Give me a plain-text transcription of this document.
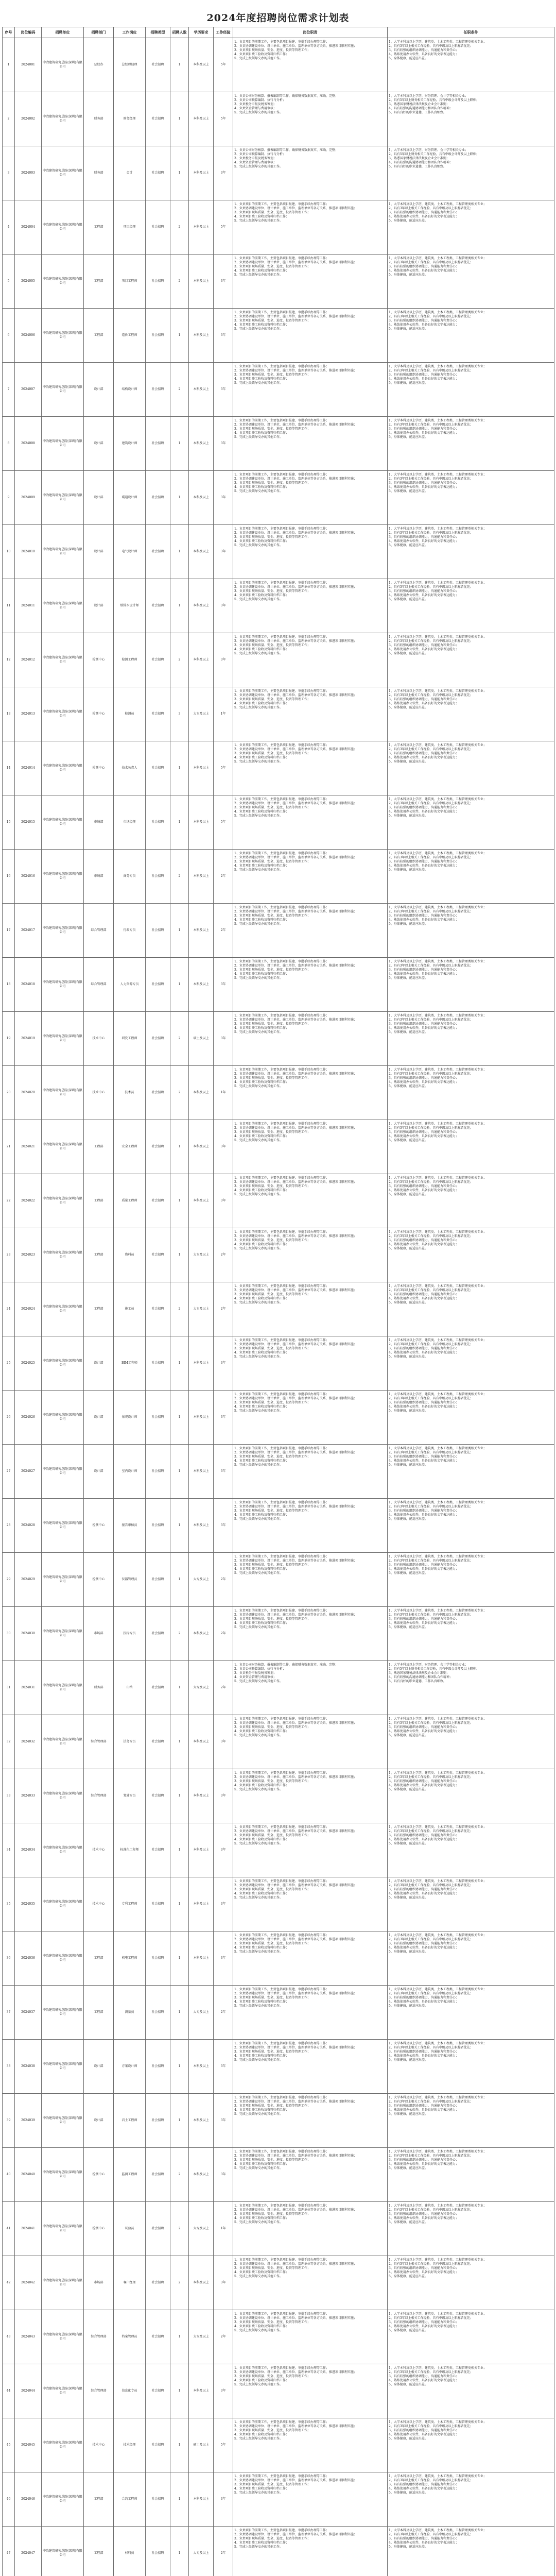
2024年度招聘岗位需求计划表
序号	岗位编码	招聘单位	招聘部门	工作岗位	招聘类型	招聘人数	学历要求	工作经验	岗位职责	任职条件
1	2024001	中冶建筑研究总院(深圳)有限公司	总经办	总经理助理	社会招聘	1	本科及以上	5年	1、负责项目的前期工作，主要包括项目报建、审批手续办理等工作；
2、负责协调建设单位、设计单位、施工单位、监理单位等各方关系，推进项目顺利实施；
3、负责项目现场质量、安全、进度、投资等管理工作；
4、负责项目竣工验收及资料归档工作；
5、完成上级领导交办的其他工作。	1、大学本科及以上学历，建筑类、土木工程类、工程管理类相关专业；
2、具有3年以上相关工作经验，具有中级及以上职称者优先；
3、具有较强的组织协调能力、沟通能力和责任心；
4、熟练使用办公软件，具备良好的文字表达能力；
5、身体健康，能适应出差。
2	2024002	中冶建筑研究总院(深圳)有限公司	财务部	财务经理	社会招聘	1	本科及以上	5年	1、负责公司财务核算、报表编制等工作，确保财务数据真实、准确、完整；
2、负责公司预算编制、执行与分析；
3、负责税务申报及税务筹划；
4、负责资金管理与费用审核；
5、完成上级领导交办的其他工作。	1、大学本科及以上学历，财务管理、会计学等相关专业；
2、具有5年以上财务相关工作经验，具有中级会计师及以上职称；
3、熟悉国家财税法律法规及企业会计准则；
4、具有较强的沟通协调能力和团队合作精神；
5、具有良好的职业道德，工作认真细致。
3	2024003	中冶建筑研究总院(深圳)有限公司	财务部	会计	社会招聘	1	本科及以上	3年	1、负责公司财务核算、报表编制等工作，确保财务数据真实、准确、完整；
2、负责公司预算编制、执行与分析；
3、负责税务申报及税务筹划；
4、负责资金管理与费用审核；
5、完成上级领导交办的其他工作。	1、大学本科及以上学历，财务管理、会计学等相关专业；
2、具有5年以上财务相关工作经验，具有中级会计师及以上职称；
3、熟悉国家财税法律法规及企业会计准则；
4、具有较强的沟通协调能力和团队合作精神；
5、具有良好的职业道德，工作认真细致。
4	2024004	中冶建筑研究总院(深圳)有限公司	工程部	项目经理	社会招聘	2	本科及以上	5年	1、负责项目的前期工作，主要包括项目报建、审批手续办理等工作；
2、负责协调建设单位、设计单位、施工单位、监理单位等各方关系，推进项目顺利实施；
3、负责项目现场质量、安全、进度、投资等管理工作；
4、负责项目竣工验收及资料归档工作；
5、完成上级领导交办的其他工作。	1、大学本科及以上学历，建筑类、土木工程类、工程管理类相关专业；
2、具有3年以上相关工作经验，具有中级及以上职称者优先；
3、具有较强的组织协调能力、沟通能力和责任心；
4、熟练使用办公软件，具备良好的文字表达能力；
5、身体健康，能适应出差。
5	2024005	中冶建筑研究总院(深圳)有限公司	工程部	项目工程师	社会招聘	2	本科及以上	3年	1、负责项目的前期工作，主要包括项目报建、审批手续办理等工作；
2、负责协调建设单位、设计单位、施工单位、监理单位等各方关系，推进项目顺利实施；
3、负责项目现场质量、安全、进度、投资等管理工作；
4、负责项目竣工验收及资料归档工作；
5、完成上级领导交办的其他工作。	1、大学本科及以上学历，建筑类、土木工程类、工程管理类相关专业；
2、具有3年以上相关工作经验，具有中级及以上职称者优先；
3、具有较强的组织协调能力、沟通能力和责任心；
4、熟练使用办公软件，具备良好的文字表达能力；
5、身体健康，能适应出差。
6	2024006	中冶建筑研究总院(深圳)有限公司	工程部	造价工程师	社会招聘	1	本科及以上	3年	1、负责项目的前期工作，主要包括项目报建、审批手续办理等工作；
2、负责协调建设单位、设计单位、施工单位、监理单位等各方关系，推进项目顺利实施；
3、负责项目现场质量、安全、进度、投资等管理工作；
4、负责项目竣工验收及资料归档工作；
5、完成上级领导交办的其他工作。	1、大学本科及以上学历，建筑类、土木工程类、工程管理类相关专业；
2、具有3年以上相关工作经验，具有中级及以上职称者优先；
3、具有较强的组织协调能力、沟通能力和责任心；
4、熟练使用办公软件，具备良好的文字表达能力；
5、身体健康，能适应出差。
7	2024007	中冶建筑研究总院(深圳)有限公司	设计部	结构设计师	社会招聘	2	本科及以上	3年	1、负责项目的前期工作，主要包括项目报建、审批手续办理等工作；
2、负责协调建设单位、设计单位、施工单位、监理单位等各方关系，推进项目顺利实施；
3、负责项目现场质量、安全、进度、投资等管理工作；
4、负责项目竣工验收及资料归档工作；
5、完成上级领导交办的其他工作。	1、大学本科及以上学历，建筑类、土木工程类、工程管理类相关专业；
2、具有3年以上相关工作经验，具有中级及以上职称者优先；
3、具有较强的组织协调能力、沟通能力和责任心；
4、熟练使用办公软件，具备良好的文字表达能力；
5、身体健康，能适应出差。
8	2024008	中冶建筑研究总院(深圳)有限公司	设计部	建筑设计师	社会招聘	1	本科及以上	3年	1、负责项目的前期工作，主要包括项目报建、审批手续办理等工作；
2、负责协调建设单位、设计单位、施工单位、监理单位等各方关系，推进项目顺利实施；
3、负责项目现场质量、安全、进度、投资等管理工作；
4、负责项目竣工验收及资料归档工作；
5、完成上级领导交办的其他工作。	1、大学本科及以上学历，建筑类、土木工程类、工程管理类相关专业；
2、具有3年以上相关工作经验，具有中级及以上职称者优先；
3、具有较强的组织协调能力、沟通能力和责任心；
4、熟练使用办公软件，具备良好的文字表达能力；
5、身体健康，能适应出差。
9	2024009	中冶建筑研究总院(深圳)有限公司	设计部	暖通设计师	社会招聘	1	本科及以上	3年	1、负责项目的前期工作，主要包括项目报建、审批手续办理等工作；
2、负责协调建设单位、设计单位、施工单位、监理单位等各方关系，推进项目顺利实施；
3、负责项目现场质量、安全、进度、投资等管理工作；
4、负责项目竣工验收及资料归档工作；
5、完成上级领导交办的其他工作。	1、大学本科及以上学历，建筑类、土木工程类、工程管理类相关专业；
2、具有3年以上相关工作经验，具有中级及以上职称者优先；
3、具有较强的组织协调能力、沟通能力和责任心；
4、熟练使用办公软件，具备良好的文字表达能力；
5、身体健康，能适应出差。
10	2024010	中冶建筑研究总院(深圳)有限公司	设计部	电气设计师	社会招聘	1	本科及以上	3年	1、负责项目的前期工作，主要包括项目报建、审批手续办理等工作；
2、负责协调建设单位、设计单位、施工单位、监理单位等各方关系，推进项目顺利实施；
3、负责项目现场质量、安全、进度、投资等管理工作；
4、负责项目竣工验收及资料归档工作；
5、完成上级领导交办的其他工作。	1、大学本科及以上学历，建筑类、土木工程类、工程管理类相关专业；
2、具有3年以上相关工作经验，具有中级及以上职称者优先；
3、具有较强的组织协调能力、沟通能力和责任心；
4、熟练使用办公软件，具备良好的文字表达能力；
5、身体健康，能适应出差。
11	2024011	中冶建筑研究总院(深圳)有限公司	设计部	给排水设计师	社会招聘	1	本科及以上	3年	1、负责项目的前期工作，主要包括项目报建、审批手续办理等工作；
2、负责协调建设单位、设计单位、施工单位、监理单位等各方关系，推进项目顺利实施；
3、负责项目现场质量、安全、进度、投资等管理工作；
4、负责项目竣工验收及资料归档工作；
5、完成上级领导交办的其他工作。	1、大学本科及以上学历，建筑类、土木工程类、工程管理类相关专业；
2、具有3年以上相关工作经验，具有中级及以上职称者优先；
3、具有较强的组织协调能力、沟通能力和责任心；
4、熟练使用办公软件，具备良好的文字表达能力；
5、身体健康，能适应出差。
12	2024012	中冶建筑研究总院(深圳)有限公司	检测中心	检测工程师	社会招聘	2	本科及以上	3年	1、负责项目的前期工作，主要包括项目报建、审批手续办理等工作；
2、负责协调建设单位、设计单位、施工单位、监理单位等各方关系，推进项目顺利实施；
3、负责项目现场质量、安全、进度、投资等管理工作；
4、负责项目竣工验收及资料归档工作；
5、完成上级领导交办的其他工作。	1、大学本科及以上学历，建筑类、土木工程类、工程管理类相关专业；
2、具有3年以上相关工作经验，具有中级及以上职称者优先；
3、具有较强的组织协调能力、沟通能力和责任心；
4、熟练使用办公软件，具备良好的文字表达能力；
5、身体健康，能适应出差。
13	2024013	中冶建筑研究总院(深圳)有限公司	检测中心	检测员	社会招聘	3	大专及以上	1年	1、负责项目的前期工作，主要包括项目报建、审批手续办理等工作；
2、负责协调建设单位、设计单位、施工单位、监理单位等各方关系，推进项目顺利实施；
3、负责项目现场质量、安全、进度、投资等管理工作；
4、负责项目竣工验收及资料归档工作；
5、完成上级领导交办的其他工作。	1、大学本科及以上学历，建筑类、土木工程类、工程管理类相关专业；
2、具有3年以上相关工作经验，具有中级及以上职称者优先；
3、具有较强的组织协调能力、沟通能力和责任心；
4、熟练使用办公软件，具备良好的文字表达能力；
5、身体健康，能适应出差。
14	2024014	中冶建筑研究总院(深圳)有限公司	检测中心	技术负责人	社会招聘	1	本科及以上	5年	1、负责项目的前期工作，主要包括项目报建、审批手续办理等工作；
2、负责协调建设单位、设计单位、施工单位、监理单位等各方关系，推进项目顺利实施；
3、负责项目现场质量、安全、进度、投资等管理工作；
4、负责项目竣工验收及资料归档工作；
5、完成上级领导交办的其他工作。	1、大学本科及以上学历，建筑类、土木工程类、工程管理类相关专业；
2、具有3年以上相关工作经验，具有中级及以上职称者优先；
3、具有较强的组织协调能力、沟通能力和责任心；
4、熟练使用办公软件，具备良好的文字表达能力；
5、身体健康，能适应出差。
15	2024015	中冶建筑研究总院(深圳)有限公司	市场部	市场经理	社会招聘	1	本科及以上	5年	1、负责项目的前期工作，主要包括项目报建、审批手续办理等工作；
2、负责协调建设单位、设计单位、施工单位、监理单位等各方关系，推进项目顺利实施；
3、负责项目现场质量、安全、进度、投资等管理工作；
4、负责项目竣工验收及资料归档工作；
5、完成上级领导交办的其他工作。	1、大学本科及以上学历，建筑类、土木工程类、工程管理类相关专业；
2、具有3年以上相关工作经验，具有中级及以上职称者优先；
3、具有较强的组织协调能力、沟通能力和责任心；
4、熟练使用办公软件，具备良好的文字表达能力；
5、身体健康，能适应出差。
16	2024016	中冶建筑研究总院(深圳)有限公司	市场部	商务专员	社会招聘	2	本科及以上	2年	1、负责项目的前期工作，主要包括项目报建、审批手续办理等工作；
2、负责协调建设单位、设计单位、施工单位、监理单位等各方关系，推进项目顺利实施；
3、负责项目现场质量、安全、进度、投资等管理工作；
4、负责项目竣工验收及资料归档工作；
5、完成上级领导交办的其他工作。	1、大学本科及以上学历，建筑类、土木工程类、工程管理类相关专业；
2、具有3年以上相关工作经验，具有中级及以上职称者优先；
3、具有较强的组织协调能力、沟通能力和责任心；
4、熟练使用办公软件，具备良好的文字表达能力；
5、身体健康，能适应出差。
17	2024017	中冶建筑研究总院(深圳)有限公司	综合管理部	行政专员	社会招聘	1	本科及以上	2年	1、负责项目的前期工作，主要包括项目报建、审批手续办理等工作；
2、负责协调建设单位、设计单位、施工单位、监理单位等各方关系，推进项目顺利实施；
3、负责项目现场质量、安全、进度、投资等管理工作；
4、负责项目竣工验收及资料归档工作；
5、完成上级领导交办的其他工作。	1、大学本科及以上学历，建筑类、土木工程类、工程管理类相关专业；
2、具有3年以上相关工作经验，具有中级及以上职称者优先；
3、具有较强的组织协调能力、沟通能力和责任心；
4、熟练使用办公软件，具备良好的文字表达能力；
5、身体健康，能适应出差。
18	2024018	中冶建筑研究总院(深圳)有限公司	综合管理部	人力资源专员	社会招聘	1	本科及以上	3年	1、负责项目的前期工作，主要包括项目报建、审批手续办理等工作；
2、负责协调建设单位、设计单位、施工单位、监理单位等各方关系，推进项目顺利实施；
3、负责项目现场质量、安全、进度、投资等管理工作；
4、负责项目竣工验收及资料归档工作；
5、完成上级领导交办的其他工作。	1、大学本科及以上学历，建筑类、土木工程类、工程管理类相关专业；
2、具有3年以上相关工作经验，具有中级及以上职称者优先；
3、具有较强的组织协调能力、沟通能力和责任心；
4、熟练使用办公软件，具备良好的文字表达能力；
5、身体健康，能适应出差。
19	2024019	中冶建筑研究总院(深圳)有限公司	技术中心	研发工程师	社会招聘	2	硕士及以上	3年	1、负责项目的前期工作，主要包括项目报建、审批手续办理等工作；
2、负责协调建设单位、设计单位、施工单位、监理单位等各方关系，推进项目顺利实施；
3、负责项目现场质量、安全、进度、投资等管理工作；
4、负责项目竣工验收及资料归档工作；
5、完成上级领导交办的其他工作。	1、大学本科及以上学历，建筑类、土木工程类、工程管理类相关专业；
2、具有3年以上相关工作经验，具有中级及以上职称者优先；
3、具有较强的组织协调能力、沟通能力和责任心；
4、熟练使用办公软件，具备良好的文字表达能力；
5、身体健康，能适应出差。
20	2024020	中冶建筑研究总院(深圳)有限公司	技术中心	技术员	社会招聘	2	本科及以上	1年	1、负责项目的前期工作，主要包括项目报建、审批手续办理等工作；
2、负责协调建设单位、设计单位、施工单位、监理单位等各方关系，推进项目顺利实施；
3、负责项目现场质量、安全、进度、投资等管理工作；
4、负责项目竣工验收及资料归档工作；
5、完成上级领导交办的其他工作。	1、大学本科及以上学历，建筑类、土木工程类、工程管理类相关专业；
2、具有3年以上相关工作经验，具有中级及以上职称者优先；
3、具有较强的组织协调能力、沟通能力和责任心；
4、熟练使用办公软件，具备良好的文字表达能力；
5、身体健康，能适应出差。
21	2024021	中冶建筑研究总院(深圳)有限公司	工程部	安全工程师	社会招聘	1	本科及以上	3年	1、负责项目的前期工作，主要包括项目报建、审批手续办理等工作；
2、负责协调建设单位、设计单位、施工单位、监理单位等各方关系，推进项目顺利实施；
3、负责项目现场质量、安全、进度、投资等管理工作；
4、负责项目竣工验收及资料归档工作；
5、完成上级领导交办的其他工作。	1、大学本科及以上学历，建筑类、土木工程类、工程管理类相关专业；
2、具有3年以上相关工作经验，具有中级及以上职称者优先；
3、具有较强的组织协调能力、沟通能力和责任心；
4、熟练使用办公软件，具备良好的文字表达能力；
5、身体健康，能适应出差。
22	2024022	中冶建筑研究总院(深圳)有限公司	工程部	质量工程师	社会招聘	1	本科及以上	3年	1、负责项目的前期工作，主要包括项目报建、审批手续办理等工作；
2、负责协调建设单位、设计单位、施工单位、监理单位等各方关系，推进项目顺利实施；
3、负责项目现场质量、安全、进度、投资等管理工作；
4、负责项目竣工验收及资料归档工作；
5、完成上级领导交办的其他工作。	1、大学本科及以上学历，建筑类、土木工程类、工程管理类相关专业；
2、具有3年以上相关工作经验，具有中级及以上职称者优先；
3、具有较强的组织协调能力、沟通能力和责任心；
4、熟练使用办公软件，具备良好的文字表达能力；
5、身体健康，能适应出差。
23	2024023	中冶建筑研究总院(深圳)有限公司	工程部	资料员	社会招聘	1	大专及以上	2年	1、负责项目的前期工作，主要包括项目报建、审批手续办理等工作；
2、负责协调建设单位、设计单位、施工单位、监理单位等各方关系，推进项目顺利实施；
3、负责项目现场质量、安全、进度、投资等管理工作；
4、负责项目竣工验收及资料归档工作；
5、完成上级领导交办的其他工作。	1、大学本科及以上学历，建筑类、土木工程类、工程管理类相关专业；
2、具有3年以上相关工作经验，具有中级及以上职称者优先；
3、具有较强的组织协调能力、沟通能力和责任心；
4、熟练使用办公软件，具备良好的文字表达能力；
5、身体健康，能适应出差。
24	2024024	中冶建筑研究总院(深圳)有限公司	工程部	施工员	社会招聘	2	大专及以上	2年	1、负责项目的前期工作，主要包括项目报建、审批手续办理等工作；
2、负责协调建设单位、设计单位、施工单位、监理单位等各方关系，推进项目顺利实施；
3、负责项目现场质量、安全、进度、投资等管理工作；
4、负责项目竣工验收及资料归档工作；
5、完成上级领导交办的其他工作。	1、大学本科及以上学历，建筑类、土木工程类、工程管理类相关专业；
2、具有3年以上相关工作经验，具有中级及以上职称者优先；
3、具有较强的组织协调能力、沟通能力和责任心；
4、熟练使用办公软件，具备良好的文字表达能力；
5、身体健康，能适应出差。
25	2024025	中冶建筑研究总院(深圳)有限公司	设计部	BIM工程师	社会招聘	1	本科及以上	3年	1、负责项目的前期工作，主要包括项目报建、审批手续办理等工作；
2、负责协调建设单位、设计单位、施工单位、监理单位等各方关系，推进项目顺利实施；
3、负责项目现场质量、安全、进度、投资等管理工作；
4、负责项目竣工验收及资料归档工作；
5、完成上级领导交办的其他工作。	1、大学本科及以上学历，建筑类、土木工程类、工程管理类相关专业；
2、具有3年以上相关工作经验，具有中级及以上职称者优先；
3、具有较强的组织协调能力、沟通能力和责任心；
4、熟练使用办公软件，具备良好的文字表达能力；
5、身体健康，能适应出差。
26	2024026	中冶建筑研究总院(深圳)有限公司	设计部	景观设计师	社会招聘	1	本科及以上	3年	1、负责项目的前期工作，主要包括项目报建、审批手续办理等工作；
2、负责协调建设单位、设计单位、施工单位、监理单位等各方关系，推进项目顺利实施；
3、负责项目现场质量、安全、进度、投资等管理工作；
4、负责项目竣工验收及资料归档工作；
5、完成上级领导交办的其他工作。	1、大学本科及以上学历，建筑类、土木工程类、工程管理类相关专业；
2、具有3年以上相关工作经验，具有中级及以上职称者优先；
3、具有较强的组织协调能力、沟通能力和责任心；
4、熟练使用办公软件，具备良好的文字表达能力；
5、身体健康，能适应出差。
27	2024027	中冶建筑研究总院(深圳)有限公司	设计部	室内设计师	社会招聘	1	本科及以上	3年	1、负责项目的前期工作，主要包括项目报建、审批手续办理等工作；
2、负责协调建设单位、设计单位、施工单位、监理单位等各方关系，推进项目顺利实施；
3、负责项目现场质量、安全、进度、投资等管理工作；
4、负责项目竣工验收及资料归档工作；
5、完成上级领导交办的其他工作。	1、大学本科及以上学历，建筑类、土木工程类、工程管理类相关专业；
2、具有3年以上相关工作经验，具有中级及以上职称者优先；
3、具有较强的组织协调能力、沟通能力和责任心；
4、熟练使用办公软件，具备良好的文字表达能力；
5、身体健康，能适应出差。
28	2024028	中冶建筑研究总院(深圳)有限公司	检测中心	报告审核员	社会招聘	1	本科及以上	3年	1、负责项目的前期工作，主要包括项目报建、审批手续办理等工作；
2、负责协调建设单位、设计单位、施工单位、监理单位等各方关系，推进项目顺利实施；
3、负责项目现场质量、安全、进度、投资等管理工作；
4、负责项目竣工验收及资料归档工作；
5、完成上级领导交办的其他工作。	1、大学本科及以上学历，建筑类、土木工程类、工程管理类相关专业；
2、具有3年以上相关工作经验，具有中级及以上职称者优先；
3、具有较强的组织协调能力、沟通能力和责任心；
4、熟练使用办公软件，具备良好的文字表达能力；
5、身体健康，能适应出差。
29	2024029	中冶建筑研究总院(深圳)有限公司	检测中心	仪器管理员	社会招聘	1	大专及以上	2年	1、负责项目的前期工作，主要包括项目报建、审批手续办理等工作；
2、负责协调建设单位、设计单位、施工单位、监理单位等各方关系，推进项目顺利实施；
3、负责项目现场质量、安全、进度、投资等管理工作；
4、负责项目竣工验收及资料归档工作；
5、完成上级领导交办的其他工作。	1、大学本科及以上学历，建筑类、土木工程类、工程管理类相关专业；
2、具有3年以上相关工作经验，具有中级及以上职称者优先；
3、具有较强的组织协调能力、沟通能力和责任心；
4、熟练使用办公软件，具备良好的文字表达能力；
5、身体健康，能适应出差。
30	2024030	中冶建筑研究总院(深圳)有限公司	市场部	投标专员	社会招聘	2	本科及以上	2年	1、负责项目的前期工作，主要包括项目报建、审批手续办理等工作；
2、负责协调建设单位、设计单位、施工单位、监理单位等各方关系，推进项目顺利实施；
3、负责项目现场质量、安全、进度、投资等管理工作；
4、负责项目竣工验收及资料归档工作；
5、完成上级领导交办的其他工作。	1、大学本科及以上学历，建筑类、土木工程类、工程管理类相关专业；
2、具有3年以上相关工作经验，具有中级及以上职称者优先；
3、具有较强的组织协调能力、沟通能力和责任心；
4、熟练使用办公软件，具备良好的文字表达能力；
5、身体健康，能适应出差。
31	2024031	中冶建筑研究总院(深圳)有限公司	财务部	出纳	社会招聘	1	大专及以上	2年	1、负责公司财务核算、报表编制等工作，确保财务数据真实、准确、完整；
2、负责公司预算编制、执行与分析；
3、负责税务申报及税务筹划；
4、负责资金管理与费用审核；
5、完成上级领导交办的其他工作。	1、大学本科及以上学历，财务管理、会计学等相关专业；
2、具有5年以上财务相关工作经验，具有中级会计师及以上职称；
3、熟悉国家财税法律法规及企业会计准则；
4、具有较强的沟通协调能力和团队合作精神；
5、具有良好的职业道德，工作认真细致。
32	2024032	中冶建筑研究总院(深圳)有限公司	综合管理部	法务专员	社会招聘	1	本科及以上	3年	1、负责项目的前期工作，主要包括项目报建、审批手续办理等工作；
2、负责协调建设单位、设计单位、施工单位、监理单位等各方关系，推进项目顺利实施；
3、负责项目现场质量、安全、进度、投资等管理工作；
4、负责项目竣工验收及资料归档工作；
5、完成上级领导交办的其他工作。	1、大学本科及以上学历，建筑类、土木工程类、工程管理类相关专业；
2、具有3年以上相关工作经验，具有中级及以上职称者优先；
3、具有较强的组织协调能力、沟通能力和责任心；
4、熟练使用办公软件，具备良好的文字表达能力；
5、身体健康，能适应出差。
33	2024033	中冶建筑研究总院(深圳)有限公司	综合管理部	党建专员	社会招聘	1	本科及以上	3年	1、负责项目的前期工作，主要包括项目报建、审批手续办理等工作；
2、负责协调建设单位、设计单位、施工单位、监理单位等各方关系，推进项目顺利实施；
3、负责项目现场质量、安全、进度、投资等管理工作；
4、负责项目竣工验收及资料归档工作；
5、完成上级领导交办的其他工作。	1、大学本科及以上学历，建筑类、土木工程类、工程管理类相关专业；
2、具有3年以上相关工作经验，具有中级及以上职称者优先；
3、具有较强的组织协调能力、沟通能力和责任心；
4、熟练使用办公软件，具备良好的文字表达能力；
5、身体健康，能适应出差。
34	2024034	中冶建筑研究总院(深圳)有限公司	技术中心	标准化工程师	社会招聘	1	本科及以上	3年	1、负责项目的前期工作，主要包括项目报建、审批手续办理等工作；
2、负责协调建设单位、设计单位、施工单位、监理单位等各方关系，推进项目顺利实施；
3、负责项目现场质量、安全、进度、投资等管理工作；
4、负责项目竣工验收及资料归档工作；
5、完成上级领导交办的其他工作。	1、大学本科及以上学历，建筑类、土木工程类、工程管理类相关专业；
2、具有3年以上相关工作经验，具有中级及以上职称者优先；
3、具有较强的组织协调能力、沟通能力和责任心；
4、熟练使用办公软件，具备良好的文字表达能力；
5、身体健康，能适应出差。
35	2024035	中冶建筑研究总院(深圳)有限公司	技术中心	专利工程师	社会招聘	1	本科及以上	3年	1、负责项目的前期工作，主要包括项目报建、审批手续办理等工作；
2、负责协调建设单位、设计单位、施工单位、监理单位等各方关系，推进项目顺利实施；
3、负责项目现场质量、安全、进度、投资等管理工作；
4、负责项目竣工验收及资料归档工作；
5、完成上级领导交办的其他工作。	1、大学本科及以上学历，建筑类、土木工程类、工程管理类相关专业；
2、具有3年以上相关工作经验，具有中级及以上职称者优先；
3、具有较强的组织协调能力、沟通能力和责任心；
4、熟练使用办公软件，具备良好的文字表达能力；
5、身体健康，能适应出差。
36	2024036	中冶建筑研究总院(深圳)有限公司	工程部	机电工程师	社会招聘	1	本科及以上	3年	1、负责项目的前期工作，主要包括项目报建、审批手续办理等工作；
2、负责协调建设单位、设计单位、施工单位、监理单位等各方关系，推进项目顺利实施；
3、负责项目现场质量、安全、进度、投资等管理工作；
4、负责项目竣工验收及资料归档工作；
5、完成上级领导交办的其他工作。	1、大学本科及以上学历，建筑类、土木工程类、工程管理类相关专业；
2、具有3年以上相关工作经验，具有中级及以上职称者优先；
3、具有较强的组织协调能力、沟通能力和责任心；
4、熟练使用办公软件，具备良好的文字表达能力；
5、身体健康，能适应出差。
37	2024037	中冶建筑研究总院(深圳)有限公司	工程部	测量员	社会招聘	1	大专及以上	2年	1、负责项目的前期工作，主要包括项目报建、审批手续办理等工作；
2、负责协调建设单位、设计单位、施工单位、监理单位等各方关系，推进项目顺利实施；
3、负责项目现场质量、安全、进度、投资等管理工作；
4、负责项目竣工验收及资料归档工作；
5、完成上级领导交办的其他工作。	1、大学本科及以上学历，建筑类、土木工程类、工程管理类相关专业；
2、具有3年以上相关工作经验，具有中级及以上职称者优先；
3、具有较强的组织协调能力、沟通能力和责任心；
4、熟练使用办公软件，具备良好的文字表达能力；
5、身体健康，能适应出差。
38	2024038	中冶建筑研究总院(深圳)有限公司	设计部	方案设计师	社会招聘	1	本科及以上	3年	1、负责项目的前期工作，主要包括项目报建、审批手续办理等工作；
2、负责协调建设单位、设计单位、施工单位、监理单位等各方关系，推进项目顺利实施；
3、负责项目现场质量、安全、进度、投资等管理工作；
4、负责项目竣工验收及资料归档工作；
5、完成上级领导交办的其他工作。	1、大学本科及以上学历，建筑类、土木工程类、工程管理类相关专业；
2、具有3年以上相关工作经验，具有中级及以上职称者优先；
3、具有较强的组织协调能力、沟通能力和责任心；
4、熟练使用办公软件，具备良好的文字表达能力；
5、身体健康，能适应出差。
39	2024039	中冶建筑研究总院(深圳)有限公司	设计部	岩土工程师	社会招聘	1	本科及以上	3年	1、负责项目的前期工作，主要包括项目报建、审批手续办理等工作；
2、负责协调建设单位、设计单位、施工单位、监理单位等各方关系，推进项目顺利实施；
3、负责项目现场质量、安全、进度、投资等管理工作；
4、负责项目竣工验收及资料归档工作；
5、完成上级领导交办的其他工作。	1、大学本科及以上学历，建筑类、土木工程类、工程管理类相关专业；
2、具有3年以上相关工作经验，具有中级及以上职称者优先；
3、具有较强的组织协调能力、沟通能力和责任心；
4、熟练使用办公软件，具备良好的文字表达能力；
5、身体健康，能适应出差。
40	2024040	中冶建筑研究总院(深圳)有限公司	检测中心	监测工程师	社会招聘	2	本科及以上	3年	1、负责项目的前期工作，主要包括项目报建、审批手续办理等工作；
2、负责协调建设单位、设计单位、施工单位、监理单位等各方关系，推进项目顺利实施；
3、负责项目现场质量、安全、进度、投资等管理工作；
4、负责项目竣工验收及资料归档工作；
5、完成上级领导交办的其他工作。	1、大学本科及以上学历，建筑类、土木工程类、工程管理类相关专业；
2、具有3年以上相关工作经验，具有中级及以上职称者优先；
3、具有较强的组织协调能力、沟通能力和责任心；
4、熟练使用办公软件，具备良好的文字表达能力；
5、身体健康，能适应出差。
41	2024041	中冶建筑研究总院(深圳)有限公司	检测中心	试验员	社会招聘	2	大专及以上	1年	1、负责项目的前期工作，主要包括项目报建、审批手续办理等工作；
2、负责协调建设单位、设计单位、施工单位、监理单位等各方关系，推进项目顺利实施；
3、负责项目现场质量、安全、进度、投资等管理工作；
4、负责项目竣工验收及资料归档工作；
5、完成上级领导交办的其他工作。	1、大学本科及以上学历，建筑类、土木工程类、工程管理类相关专业；
2、具有3年以上相关工作经验，具有中级及以上职称者优先；
3、具有较强的组织协调能力、沟通能力和责任心；
4、熟练使用办公软件，具备良好的文字表达能力；
5、身体健康，能适应出差。
42	2024042	中冶建筑研究总院(深圳)有限公司	市场部	客户经理	社会招聘	2	本科及以上	3年	1、负责项目的前期工作，主要包括项目报建、审批手续办理等工作；
2、负责协调建设单位、设计单位、施工单位、监理单位等各方关系，推进项目顺利实施；
3、负责项目现场质量、安全、进度、投资等管理工作；
4、负责项目竣工验收及资料归档工作；
5、完成上级领导交办的其他工作。	1、大学本科及以上学历，建筑类、土木工程类、工程管理类相关专业；
2、具有3年以上相关工作经验，具有中级及以上职称者优先；
3、具有较强的组织协调能力、沟通能力和责任心；
4、熟练使用办公软件，具备良好的文字表达能力；
5、身体健康，能适应出差。
43	2024043	中冶建筑研究总院(深圳)有限公司	综合管理部	档案管理员	社会招聘	1	大专及以上	2年	1、负责项目的前期工作，主要包括项目报建、审批手续办理等工作；
2、负责协调建设单位、设计单位、施工单位、监理单位等各方关系，推进项目顺利实施；
3、负责项目现场质量、安全、进度、投资等管理工作；
4、负责项目竣工验收及资料归档工作；
5、完成上级领导交办的其他工作。	1、大学本科及以上学历，建筑类、土木工程类、工程管理类相关专业；
2、具有3年以上相关工作经验，具有中级及以上职称者优先；
3、具有较强的组织协调能力、沟通能力和责任心；
4、熟练使用办公软件，具备良好的文字表达能力；
5、身体健康，能适应出差。
44	2024044	中冶建筑研究总院(深圳)有限公司	综合管理部	信息化专员	社会招聘	1	本科及以上	3年	1、负责项目的前期工作，主要包括项目报建、审批手续办理等工作；
2、负责协调建设单位、设计单位、施工单位、监理单位等各方关系，推进项目顺利实施；
3、负责项目现场质量、安全、进度、投资等管理工作；
4、负责项目竣工验收及资料归档工作；
5、完成上级领导交办的其他工作。	1、大学本科及以上学历，建筑类、土木工程类、工程管理类相关专业；
2、具有3年以上相关工作经验，具有中级及以上职称者优先；
3、具有较强的组织协调能力、沟通能力和责任心；
4、熟练使用办公软件，具备良好的文字表达能力；
5、身体健康，能适应出差。
45	2024045	中冶建筑研究总院(深圳)有限公司	技术中心	技术经理	社会招聘	1	硕士及以上	5年	1、负责项目的前期工作，主要包括项目报建、审批手续办理等工作；
2、负责协调建设单位、设计单位、施工单位、监理单位等各方关系，推进项目顺利实施；
3、负责项目现场质量、安全、进度、投资等管理工作；
4、负责项目竣工验收及资料归档工作；
5、完成上级领导交办的其他工作。	1、大学本科及以上学历，建筑类、土木工程类、工程管理类相关专业；
2、具有3年以上相关工作经验，具有中级及以上职称者优先；
3、具有较强的组织协调能力、沟通能力和责任心；
4、熟练使用办公软件，具备良好的文字表达能力；
5、身体健康，能适应出差。
46	2024046	中冶建筑研究总院(深圳)有限公司	工程部	合约工程师	社会招聘	1	本科及以上	3年	1、负责项目的前期工作，主要包括项目报建、审批手续办理等工作；
2、负责协调建设单位、设计单位、施工单位、监理单位等各方关系，推进项目顺利实施；
3、负责项目现场质量、安全、进度、投资等管理工作；
4、负责项目竣工验收及资料归档工作；
5、完成上级领导交办的其他工作。	1、大学本科及以上学历，建筑类、土木工程类、工程管理类相关专业；
2、具有3年以上相关工作经验，具有中级及以上职称者优先；
3、具有较强的组织协调能力、沟通能力和责任心；
4、熟练使用办公软件，具备良好的文字表达能力；
5、身体健康，能适应出差。
47	2024047	中冶建筑研究总院(深圳)有限公司	工程部	材料员	社会招聘	1	大专及以上	2年	1、负责项目的前期工作，主要包括项目报建、审批手续办理等工作；
2、负责协调建设单位、设计单位、施工单位、监理单位等各方关系，推进项目顺利实施；
3、负责项目现场质量、安全、进度、投资等管理工作；
4、负责项目竣工验收及资料归档工作；
5、完成上级领导交办的其他工作。	1、大学本科及以上学历，建筑类、土木工程类、工程管理类相关专业；
2、具有3年以上相关工作经验，具有中级及以上职称者优先；
3、具有较强的组织协调能力、沟通能力和责任心；
4、熟练使用办公软件，具备良好的文字表达能力；
5、身体健康，能适应出差。
